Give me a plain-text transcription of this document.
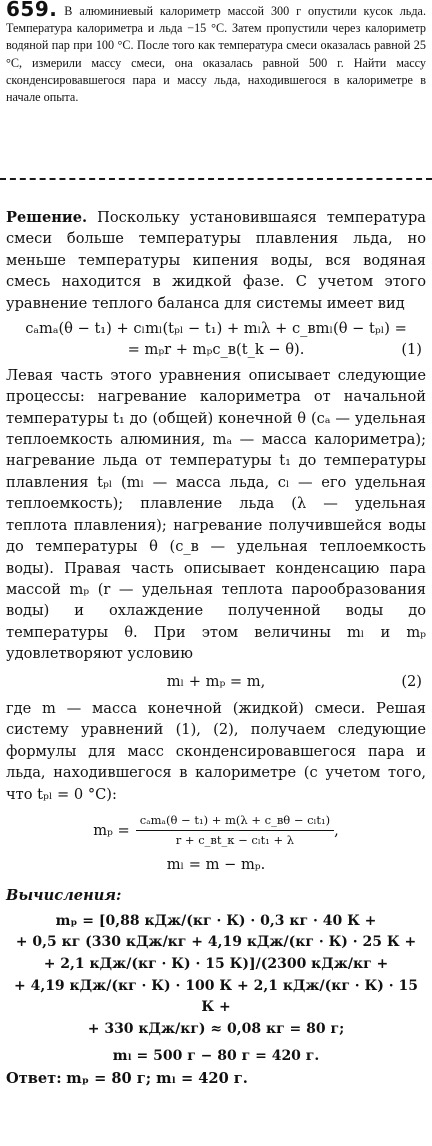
659. В алюминиевый калориметр массой 300 г опустили кусок льда. Температура калориметра и льда −15 °С. Затем пропустили через калориметр водяной пар при 100 °С. После того как температура смеси оказалась равной 25 °С, измерили массу смеси, она оказалась равной 500 г. Найти массу сконденсировавшегося пара и массу льда, находившегося в калориметре в начале опыта.

Решение. Поскольку установившаяся температура смеси больше температуры плавления льда, но меньше температуры кипения воды, вся водяная смесь находится в жидкой фазе. С учетом этого уравнение теплого баланса для системы имеет вид

cₐmₐ(θ − t₁) + cₗmₗ(tₚₗ − t₁) + mₗλ + c_вmₗ(θ − tₚₗ) =
= mₚr + mₚc_в(t_k − θ).	(1)

Левая часть этого уравнения описывает следующие процессы: нагревание калориметра от начальной температуры t₁ до (общей) конечной θ (cₐ — удельная теплоемкость алюминия, mₐ — масса калориметра); нагревание льда от температуры t₁ до температуры плавления tₚₗ (mₗ — масса льда, cₗ — его удельная теплоемкость); плавление льда (λ — удельная теплота плавления); нагревание получившейся воды до температуры θ (c_в — удельная теплоемкость воды). Правая часть описывает конденсацию пара массой mₚ (r — удельная теплота парообразования воды) и охлаждение полученной воды до температуры θ. При этом величины mₗ и mₚ удовлетворяют условию

mₗ + mₚ = m,	(2)

где m — масса конечной (жидкой) смеси. Решая систему уравнений (1), (2), получаем следующие формулы для масс сконденсировавшегося пара и льда, находившегося в калориметре (с учетом того, что tₚₗ = 0 °С):

$m_p = \frac{\text{cₐmₐ(θ − t₁) + m(λ + c\_вθ − cₗt₁)}}{\text{r + c\_вt\_к − cₗt₁ + λ}}$ ,
mₗ = m − mₚ.
Вычисления:
mₚ = [0,88 кДж/(кг · К) · 0,3 кг · 40 К +
+ 0,5 кг (330 кДж/кг + 4,19 кДж/(кг · К) · 25 К +
+ 2,1 кДж/(кг · К) · 15 К)]/(2300 кДж/кг +
+ 4,19 кДж/(кг · К) · 100 К + 2,1 кДж/(кг · К) · 15 К +
+ 330 кДж/кг) ≈ 0,08 кг = 80 г;
mₗ = 500 г − 80 г = 420 г.

Ответ: mₚ = 80 г; mₗ = 420 г.
